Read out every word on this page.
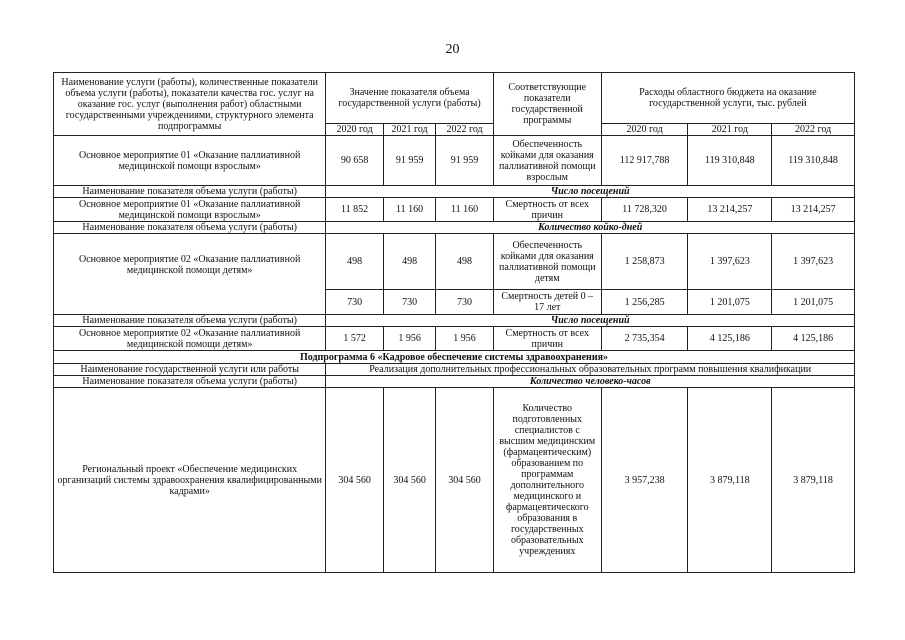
20
Наименование услуги (работы), количественные показатели объема услуги (работы), показатели качества гос. услуг на оказание гос. услуг (выполнения работ) областными государственными учреждениями, структурного элемента подпрограммы	Значение показателя объема государственной услуги (работы)			Соответствующие показатели государственной программы	Расходы областного бюджета на оказание государственной услуги, тыс. рублей		
	2020 год	2021 год	2022 год		2020 год	2021 год	2022 год
Основное мероприятие 01 «Оказание паллиативной медицинской помощи взрослым»	90 658	91 959	91 959	Обеспеченность койками для оказания паллиативной помощи взрослым	112 917,788	119 310,848	119 310,848
Наименование показателя объема услуги (работы)	Число посещений						
Основное мероприятие 01 «Оказание паллиативной медицинской помощи взрослым»	11 852	11 160	11 160	Смертность от всех причин	11 728,320	13 214,257	13 214,257
Наименование показателя объема услуги (работы)	Количество койко-дней						
Основное мероприятие 02 «Оказание паллиативной медицинской помощи детям»	498	498	498	Обеспеченность койками для оказания паллиативной помощи детям	1 258,873	1 397,623	1 397,623
	730	730	730	Смертность детей 0 – 17 лет	1 256,285	1 201,075	1 201,075
Наименование показателя объема услуги (работы)	Число посещений						
Основное мероприятие 02 «Оказание паллиативной медицинской помощи детям»	1 572	1 956	1 956	Смертность от всех причин	2 735,354	4 125,186	4 125,186
Подпрограмма 6 «Кадровое обеспечение системы здравоохранения»							
Наименование государственной услуги или работы	Реализация дополнительных профессиональных образовательных программ повышения квалификации						
Наименование показателя объема услуги (работы)	Количество человеко-часов						
Региональный проект «Обеспечение медицинских организаций системы здравоохранения квалифицированными кадрами»	304 560	304 560	304 560	Количество подготовленных специалистов с высшим медицинским (фармацевтическим) образованием по программам дополнительного медицинского и фармацевтического образования в государственных образовательных учреждениях	3 957,238	3 879,118	3 879,118
